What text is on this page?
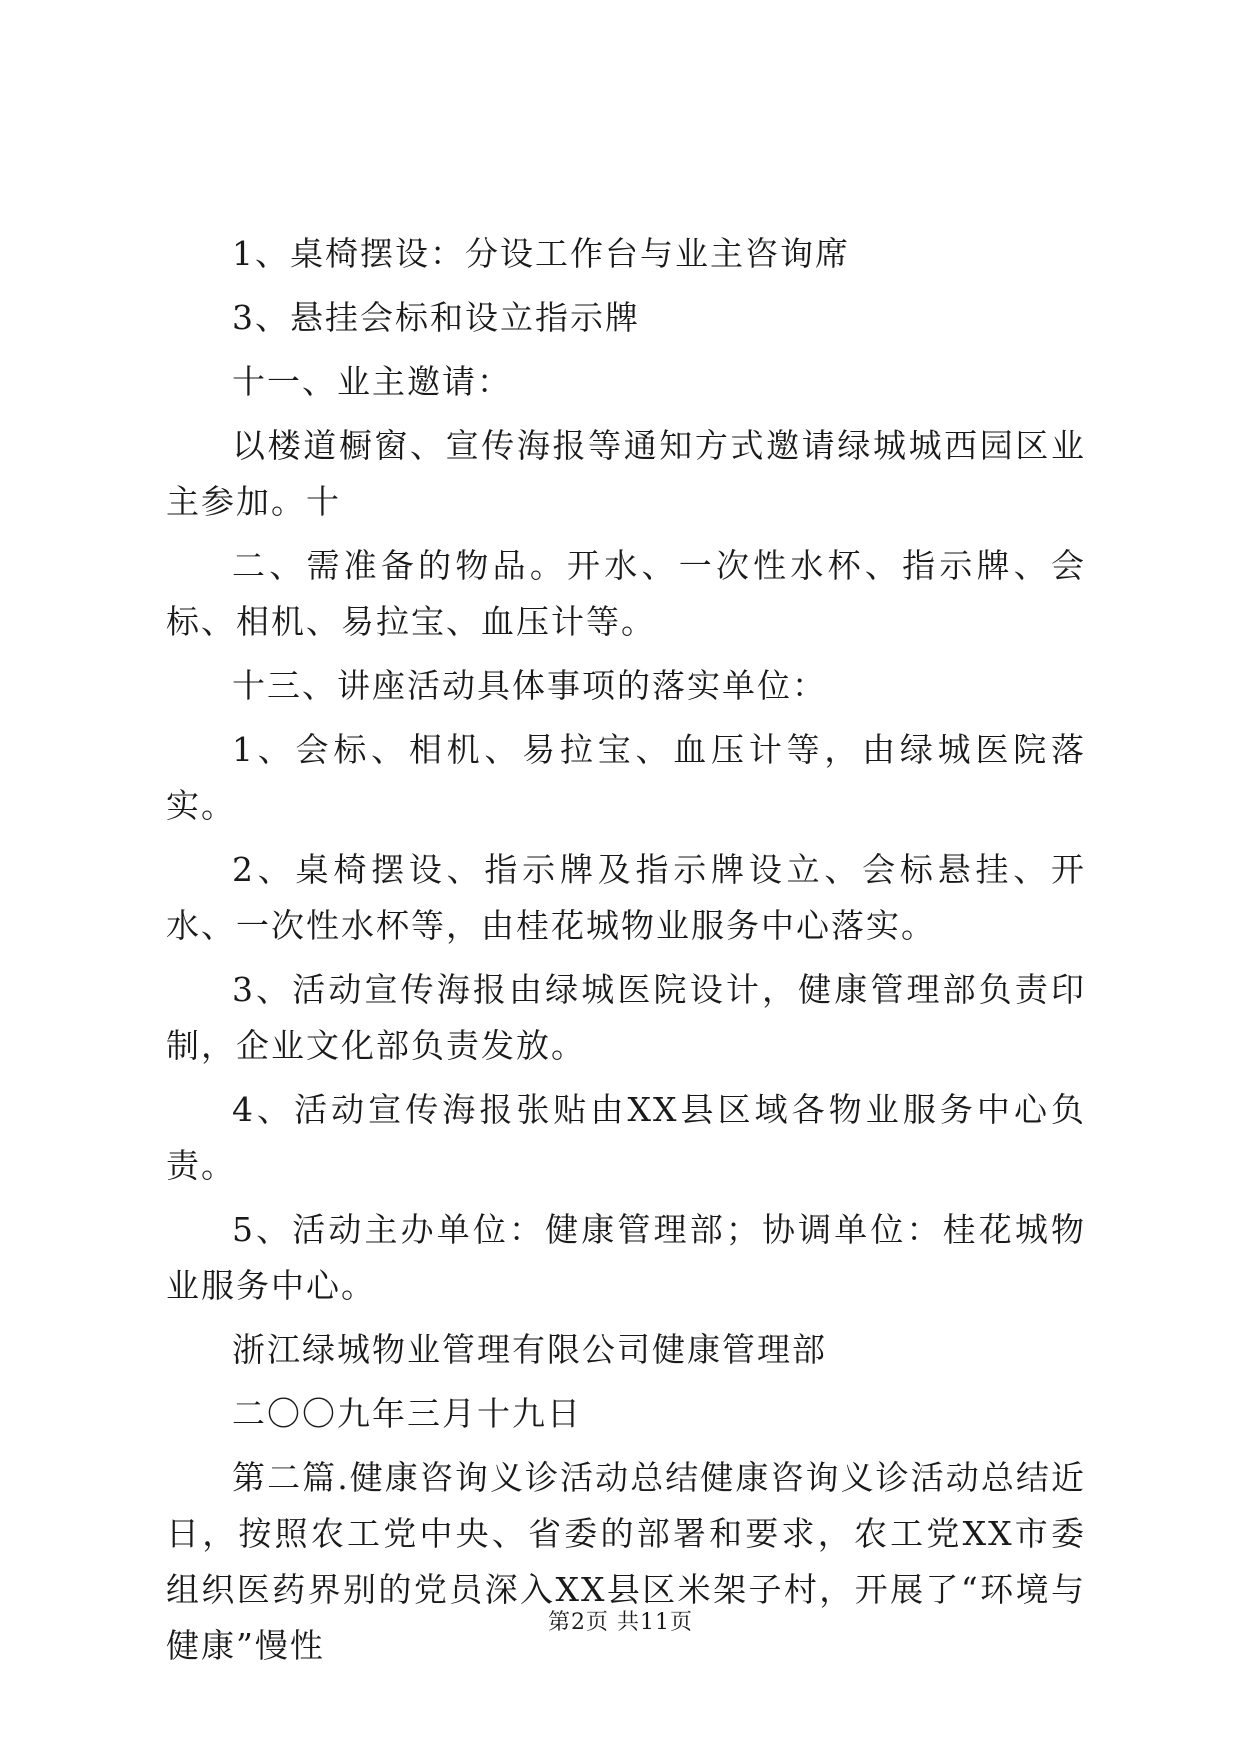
1、桌椅摆设：分设工作台与业主咨询席

3、悬挂会标和设立指示牌

十一、业主邀请：

以楼道橱窗、宣传海报等通知方式邀请绿城城西园区业主参加。十

二、需准备的物品。开水、一次性水杯、指示牌、会标、相机、易拉宝、血压计等。

十三、讲座活动具体事项的落实单位：

1、会标、相机、易拉宝、血压计等，由绿城医院落实。

2、桌椅摆设、指示牌及指示牌设立、会标悬挂、开水、一次性水杯等，由桂花城物业服务中心落实。

3、活动宣传海报由绿城医院设计，健康管理部负责印制，企业文化部负责发放。

4、活动宣传海报张贴由XX县区域各物业服务中心负责。

5、活动主办单位：健康管理部；协调单位：桂花城物业服务中心。

浙江绿城物业管理有限公司健康管理部

二〇〇九年三月十九日

第二篇.健康咨询义诊活动总结健康咨询义诊活动总结近日，按照农工党中央、省委的部署和要求，农工党XX市委组织医药界别的党员深入XX县区米架子村，开展了“环境与健康”慢性

第2页 共11页
